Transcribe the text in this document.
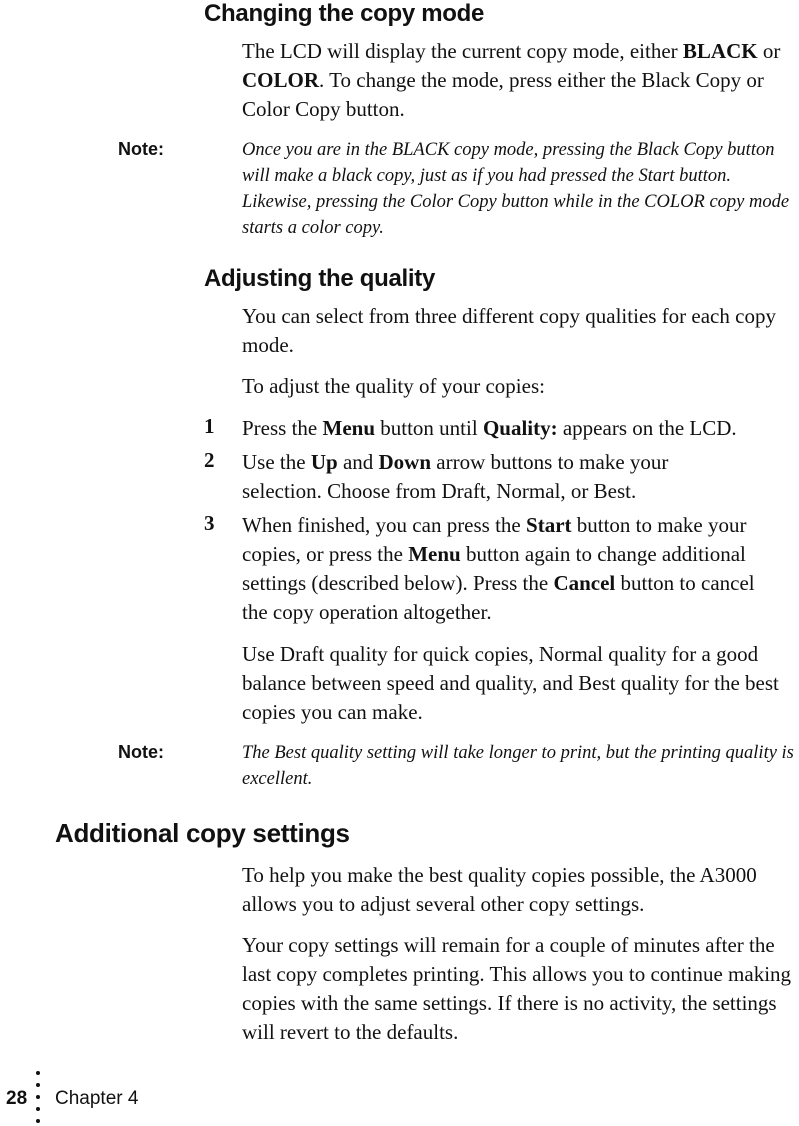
Changing the copy mode

The LCD will display the current copy mode, either BLACK or COLOR. To change the mode, press either the Black Copy or Color Copy button.

Note:	Once you are in the BLACK copy mode, pressing the Black Copy button will make a black copy, just as if you had pressed the Start button. Likewise, pressing the Color Copy button while in the COLOR copy mode starts a color copy.

Adjusting the quality

You can select from three different copy qualities for each copy mode.

To adjust the quality of your copies:

1 Press the Menu button until Quality: appears on the LCD.

2 Use the Up and Down arrow buttons to make your selection. Choose from Draft, Normal, or Best.

3 When finished, you can press the Start button to make your copies, or press the Menu button again to change additional settings (described below). Press the Cancel button to cancel the copy operation altogether.

Use Draft quality for quick copies, Normal quality for a good balance between speed and quality, and Best quality for the best copies you can make.

Note:	The Best quality setting will take longer to print, but the printing quality is excellent.

Additional copy settings

To help you make the best quality copies possible, the A3000 allows you to adjust several other copy settings.

Your copy settings will remain for a couple of minutes after the last copy completes printing. This allows you to continue making copies with the same settings. If there is no activity, the settings will revert to the defaults.

28 Chapter 4
